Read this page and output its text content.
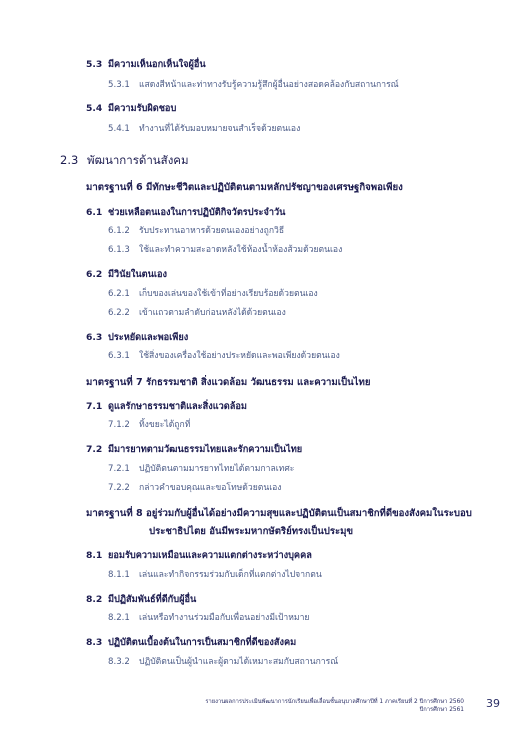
5.3 มีความเห็นอกเห็นใจผู้อื่น
5.3.1 แสดงสีหน้าและท่าทางรับรู้ความรู้สึกผู้อื่นอย่างสอดคล้องกับสถานการณ์
5.4 มีความรับผิดชอบ
5.4.1 ทำงานที่ได้รับมอบหมายจนสำเร็จด้วยตนเอง
2.3 พัฒนาการด้านสังคม
มาตรฐานที่ 6 มีทักษะชีวิตและปฏิบัติตนตามหลักปรัชญาของเศรษฐกิจพอเพียง
6.1 ช่วยเหลือตนเองในการปฏิบัติกิจวัตรประจำวัน
6.1.2 รับประทานอาหารด้วยตนเองอย่างถูกวิธี
6.1.3 ใช้และทำความสะอาดหลังใช้ห้องน้ำห้องส้วมด้วยตนเอง
6.2 มีวินัยในตนเอง
6.2.1 เก็บของเล่นของใช้เข้าที่อย่างเรียบร้อยด้วยตนเอง
6.2.2 เข้าแถวตามลำดับก่อนหลังได้ด้วยตนเอง
6.3 ประหยัดและพอเพียง
6.3.1 ใช้สิ่งของเครื่องใช้อย่างประหยัดและพอเพียงด้วยตนเอง
มาตรฐานที่ 7 รักธรรมชาติ สิ่งแวดล้อม วัฒนธรรม และความเป็นไทย
7.1 ดูแลรักษาธรรมชาติและสิ่งแวดล้อม
7.1.2 ทิ้งขยะได้ถูกที่
7.2 มีมารยาทตามวัฒนธรรมไทยและรักความเป็นไทย
7.2.1 ปฏิบัติตนตามมารยาทไทยได้ตามกาลเทศะ
7.2.2 กล่าวคำขอบคุณและขอโทษด้วยตนเอง
มาตรฐานที่ 8 อยู่ร่วมกับผู้อื่นได้อย่างมีความสุขและปฏิบัติตนเป็นสมาชิกที่ดีของสังคมในระบอบ
ประชาธิปไตย อันมีพระมหากษัตริย์ทรงเป็นประมุข
8.1 ยอมรับความเหมือนและความแตกต่างระหว่างบุคคล
8.1.1 เล่นและทำกิจกรรมร่วมกับเด็กที่แตกต่างไปจากตน
8.2 มีปฏิสัมพันธ์ที่ดีกับผู้อื่น
8.2.1 เล่นหรือทำงานร่วมมือกับเพื่อนอย่างมีเป้าหมาย
8.3 ปฏิบัติตนเบื้องต้นในการเป็นสมาชิกที่ดีของสังคม
8.3.2 ปฏิบัติตนเป็นผู้นำและผู้ตามได้เหมาะสมกับสถานการณ์
รายงานผลการประเมินพัฒนาการนักเรียนเพื่อเลื่อนชั้นอนุบาลศึกษาปีที่ 1 ภาคเรียนที่ 2 ปีการศึกษา 2560
ปีการศึกษา 2561
39
